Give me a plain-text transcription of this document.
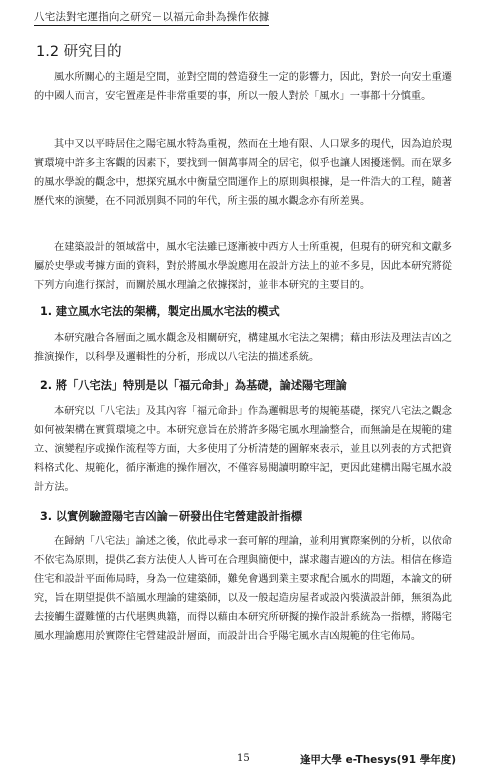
八宅法對宅運指向之研究－以福元命卦為操作依據
1.2 研究目的

風水所關心的主題是空間，並對空間的營造發生一定的影響力，因此，對於一向安土重遷的中國人而言，安宅置產是件非常重要的事，所以一般人對於「風水」一事都十分慎重。

其中又以平時居住之陽宅風水特為重視，然而在土地有限、人口眾多的現代，因為迫於現實環境中許多主客觀的因素下，要找到一個萬事周全的居宅，似乎也讓人困擾迷惘。而在眾多的風水學說的觀念中，想探究風水中衡量空間運作上的原則與根據，是一件浩大的工程，隨著歷代來的演變，在不同派別與不同的年代，所主張的風水觀念亦有所差異。

在建築設計的領域當中，風水宅法雖已逐漸被中西方人士所重視，但現有的研究和文獻多屬於史學或考據方面的資料，對於將風水學說應用在設計方法上的並不多見，因此本研究將從下列方向進行探討，而關於風水理論之依據探討，並非本研究的主要目的。

1. 建立風水宅法的架構，製定出風水宅法的模式

本研究融合各層面之風水觀念及相關研究，構建風水宅法之架構；藉由形法及理法吉凶之推演操作，以科學及邏輯性的分析，形成以八宅法的描述系統。

2. 將「八宅法」特別是以「福元命卦」為基礎，論述陽宅理論

本研究以「八宅法」及其內容「福元命卦」作為邏輯思考的規範基礎，探究八宅法之觀念如何被架構在實質環境之中。本研究意旨在於將許多陽宅風水理論整合，而無論是在規範的建立、演變程序或操作流程等方面，大多使用了分析清楚的圖解來表示，並且以列表的方式把資料格式化、規範化，循序漸進的操作層次，不僅容易閱讀明瞭牢記，更因此建構出陽宅風水設計方法。

3. 以實例驗證陽宅吉凶論－研發出住宅營建設計指標

在歸納「八宅法」論述之後，依此尋求一套可解的理論，並利用實際案例的分析，以依命不依宅為原則，提供乙套方法使人人皆可在合理與簡便中，謀求趨吉避凶的方法。相信在修造住宅和設計平面佈局時，身為一位建築師，難免會遇到業主要求配合風水的問題，本論文的研究，旨在期望提供不諳風水理論的建築師，以及一般起造房屋者或設內裝潢設計師，無須為此去接觸生澀難懂的古代堪輿典籍，而得以藉由本研究所研擬的操作設計系統為一指標，將陽宅風水理論應用於實際住宅營建設計層面，而設計出合乎陽宅風水吉凶規範的住宅佈局。

15	逢甲大學 e-Thesys(91 學年度)
